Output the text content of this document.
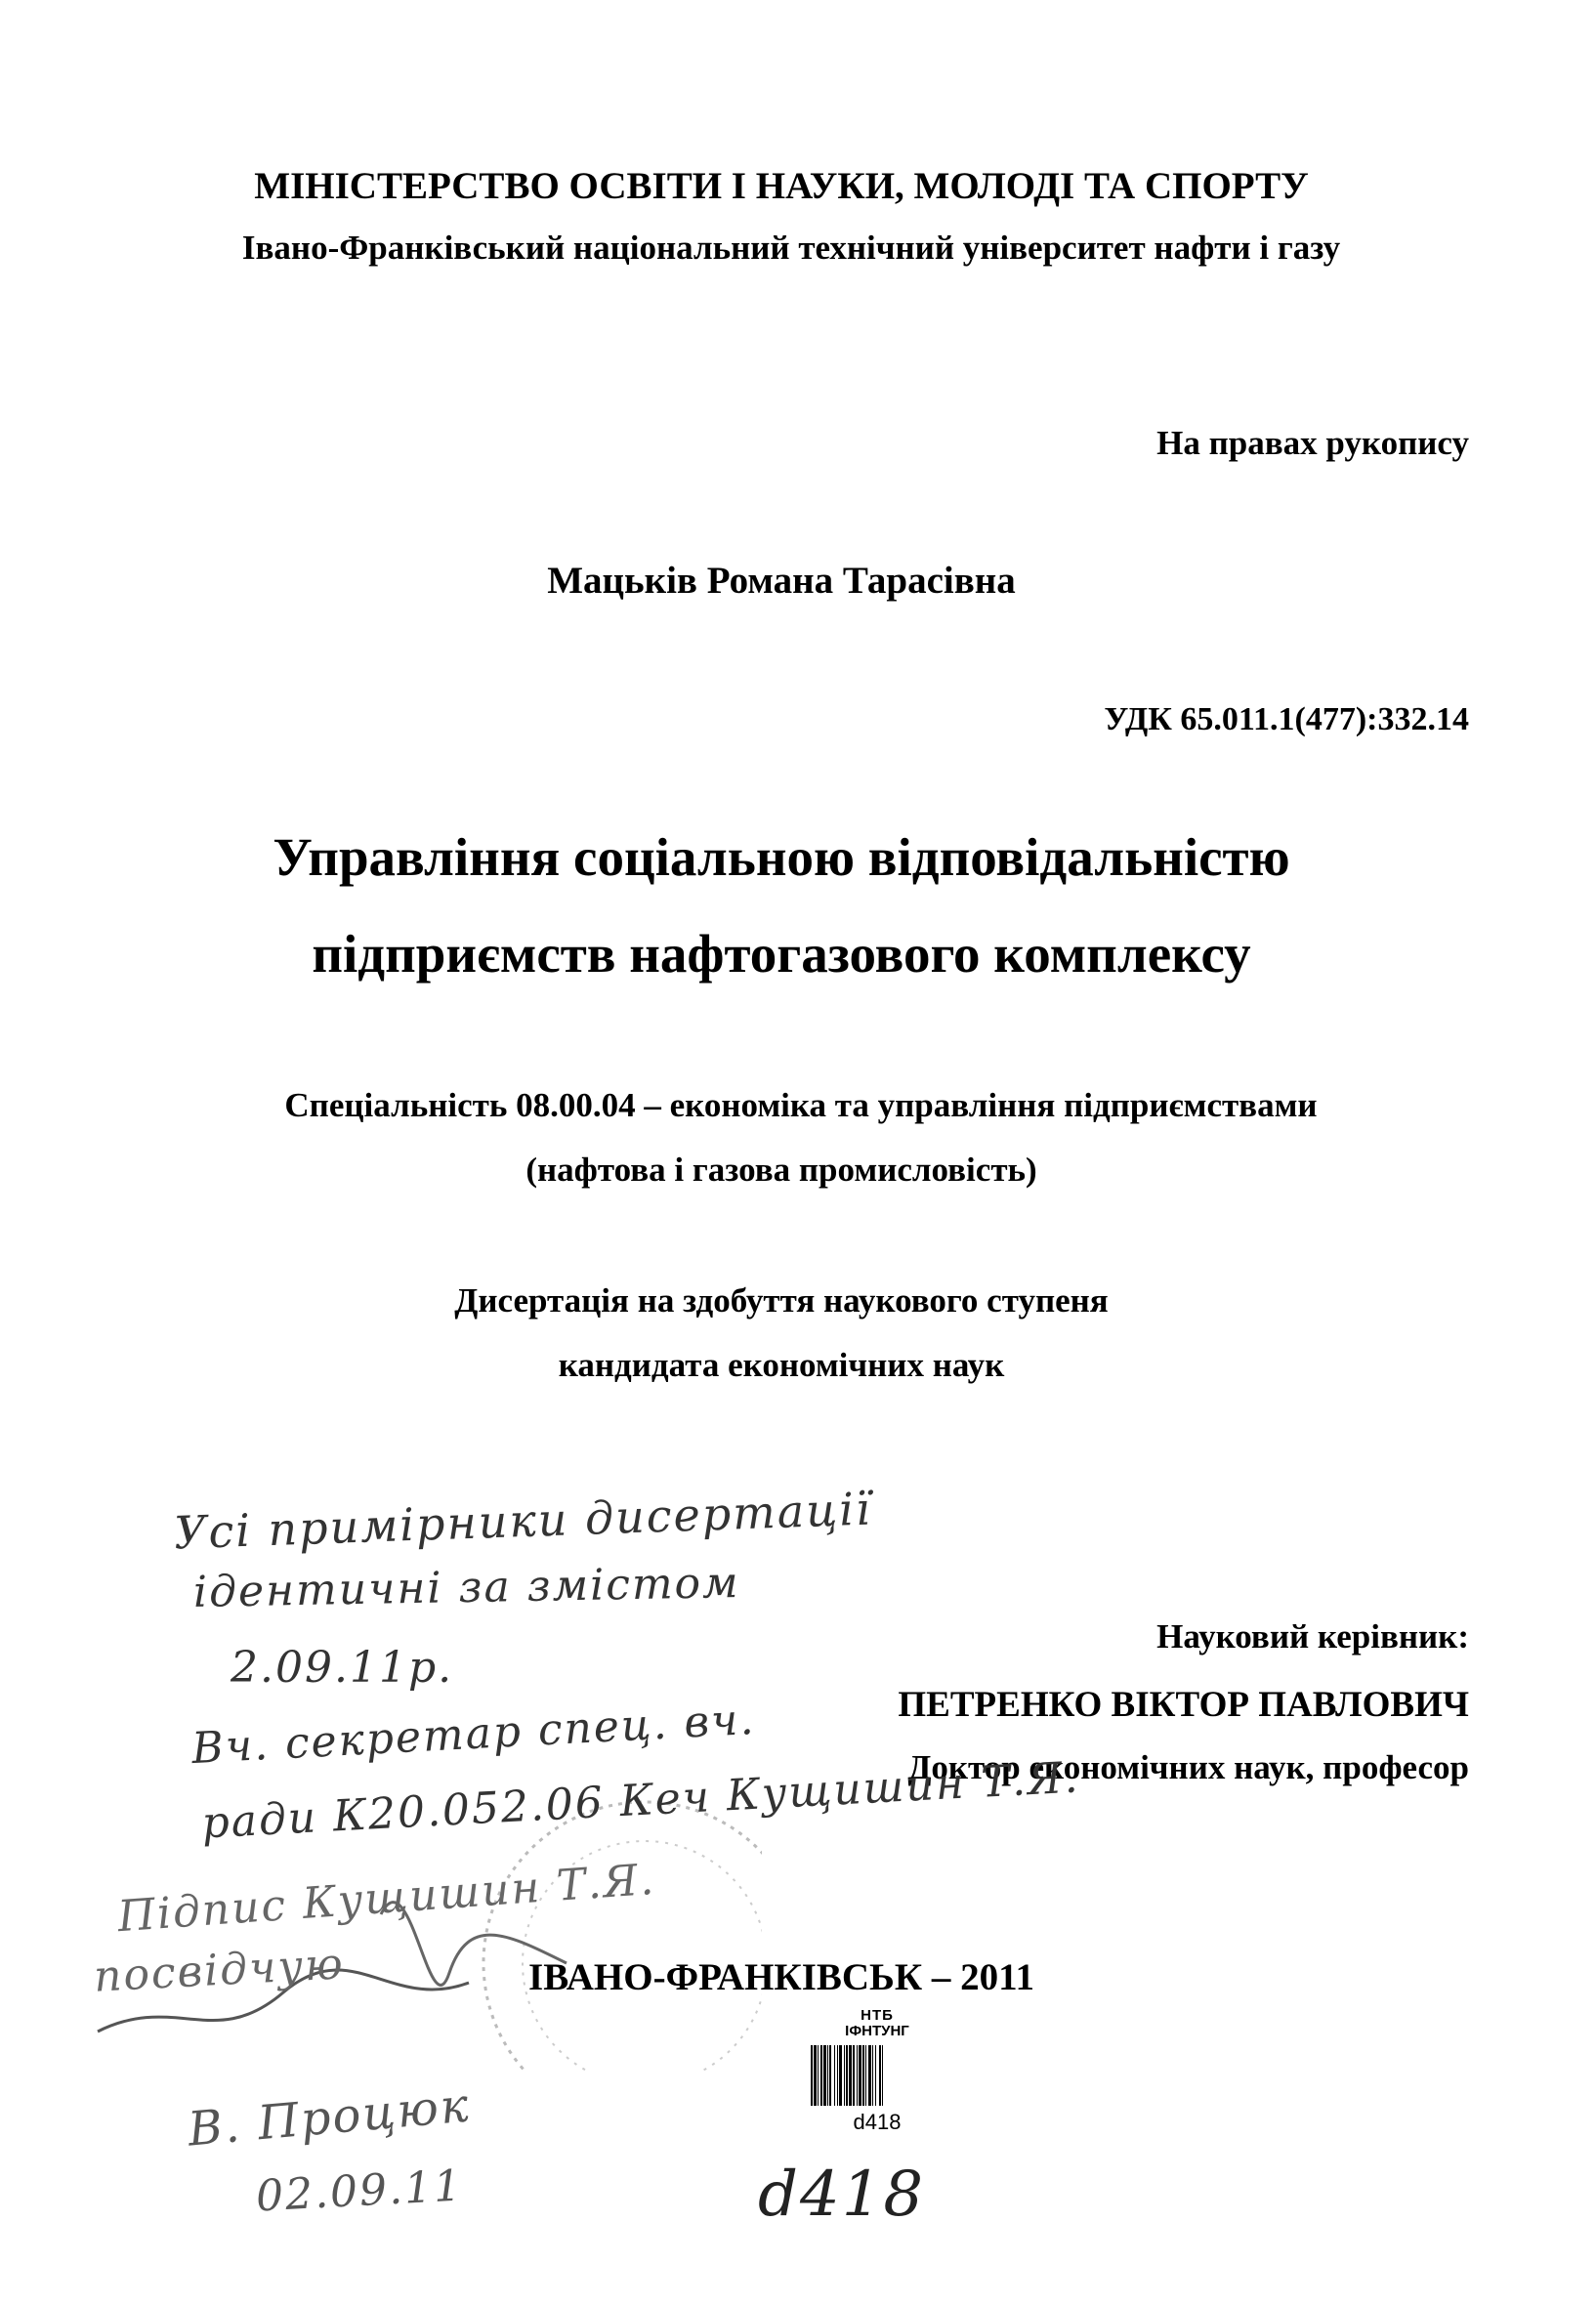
МІНІСТЕРСТВО ОСВІТИ І НАУКИ, МОЛОДІ ТА СПОРТУ
Івано-Франківський національний технічний університет нафти і газу
На правах рукопису
Мацьків Романа Тарасівна
УДК 65.011.1(477):332.14
Управління соціальною відповідальністю
підприємств нафтогазового комплексу
Спеціальність 08.00.04 – економіка та управління підприємствами
(нафтова і газова промисловість)
Дисертація на здобуття наукового ступеня
кандидата економічних наук
Науковий керівник:
ПЕТРЕНКО ВІКТОР ПАВЛОВИЧ
Доктор економічних наук, професор
ІВАНО-ФРАНКІВСЬК – 2011
Усі примірники дисертації
ідентичні за змістом
2.09.11р.
Вч. секретар спец. вч.
ради К20.052.06 Кеч Кущишин Т.Я.
Підпис Кущишин Т.Я.
посвідчую
В. Процюк
02.09.11	d418
НТБ
ІФНТУНГ
d418
